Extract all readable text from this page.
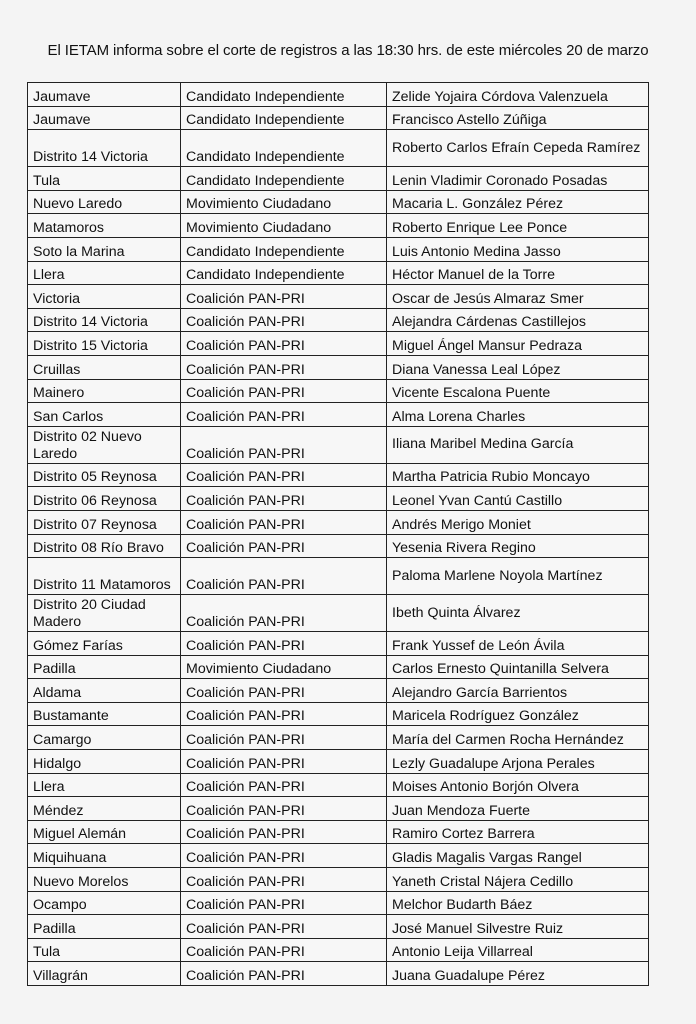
El IETAM informa sobre el corte de registros a las 18:30 hrs. de este miércoles 20 de marzo
Jaumave	Candidato Independiente	Zelide Yojaira Córdova Valenzuela
Jaumave	Candidato Independiente	Francisco Astello Zúñiga
Distrito 14 Victoria	Candidato Independiente	Roberto Carlos Efraín Cepeda Ramírez
Tula	Candidato Independiente	Lenin Vladimir Coronado Posadas
Nuevo Laredo	Movimiento Ciudadano	Macaria L. González Pérez
Matamoros	Movimiento Ciudadano	Roberto Enrique Lee Ponce
Soto la Marina	Candidato Independiente	Luis Antonio Medina Jasso
Llera	Candidato Independiente	Héctor Manuel de la Torre
Victoria	Coalición PAN-PRI	Oscar de Jesús Almaraz Smer
Distrito 14 Victoria	Coalición PAN-PRI	Alejandra Cárdenas Castillejos
Distrito 15 Victoria	Coalición PAN-PRI	Miguel Ángel Mansur Pedraza
Cruillas	Coalición PAN-PRI	Diana Vanessa Leal López
Mainero	Coalición PAN-PRI	Vicente Escalona Puente
San Carlos	Coalición PAN-PRI	Alma Lorena Charles
Distrito 02 Nuevo Laredo	Coalición PAN-PRI	Iliana Maribel Medina García
Distrito 05 Reynosa	Coalición PAN-PRI	Martha Patricia Rubio Moncayo
Distrito 06 Reynosa	Coalición PAN-PRI	Leonel Yvan Cantú Castillo
Distrito 07 Reynosa	Coalición PAN-PRI	Andrés Merigo Moniet
Distrito 08 Río Bravo	Coalición PAN-PRI	Yesenia Rivera Regino
Distrito 11 Matamoros	Coalición PAN-PRI	Paloma Marlene Noyola Martínez
Distrito 20 Ciudad Madero	Coalición PAN-PRI	Ibeth Quinta Álvarez
Gómez Farías	Coalición PAN-PRI	Frank Yussef de León Ávila
Padilla	Movimiento Ciudadano	Carlos Ernesto Quintanilla Selvera
Aldama	Coalición PAN-PRI	Alejandro García Barrientos
Bustamante	Coalición PAN-PRI	Maricela Rodríguez González
Camargo	Coalición PAN-PRI	María del Carmen Rocha Hernández
Hidalgo	Coalición PAN-PRI	Lezly Guadalupe Arjona Perales
Llera	Coalición PAN-PRI	Moises Antonio Borjón Olvera
Méndez	Coalición PAN-PRI	Juan Mendoza Fuerte
Miguel Alemán	Coalición PAN-PRI	Ramiro Cortez Barrera
Miquihuana	Coalición PAN-PRI	Gladis Magalis Vargas Rangel
Nuevo Morelos	Coalición PAN-PRI	Yaneth Cristal Nájera Cedillo
Ocampo	Coalición PAN-PRI	Melchor Budarth Báez
Padilla	Coalición PAN-PRI	José Manuel Silvestre Ruiz
Tula	Coalición PAN-PRI	Antonio Leija Villarreal
Villagrán	Coalición PAN-PRI	Juana Guadalupe Pérez
